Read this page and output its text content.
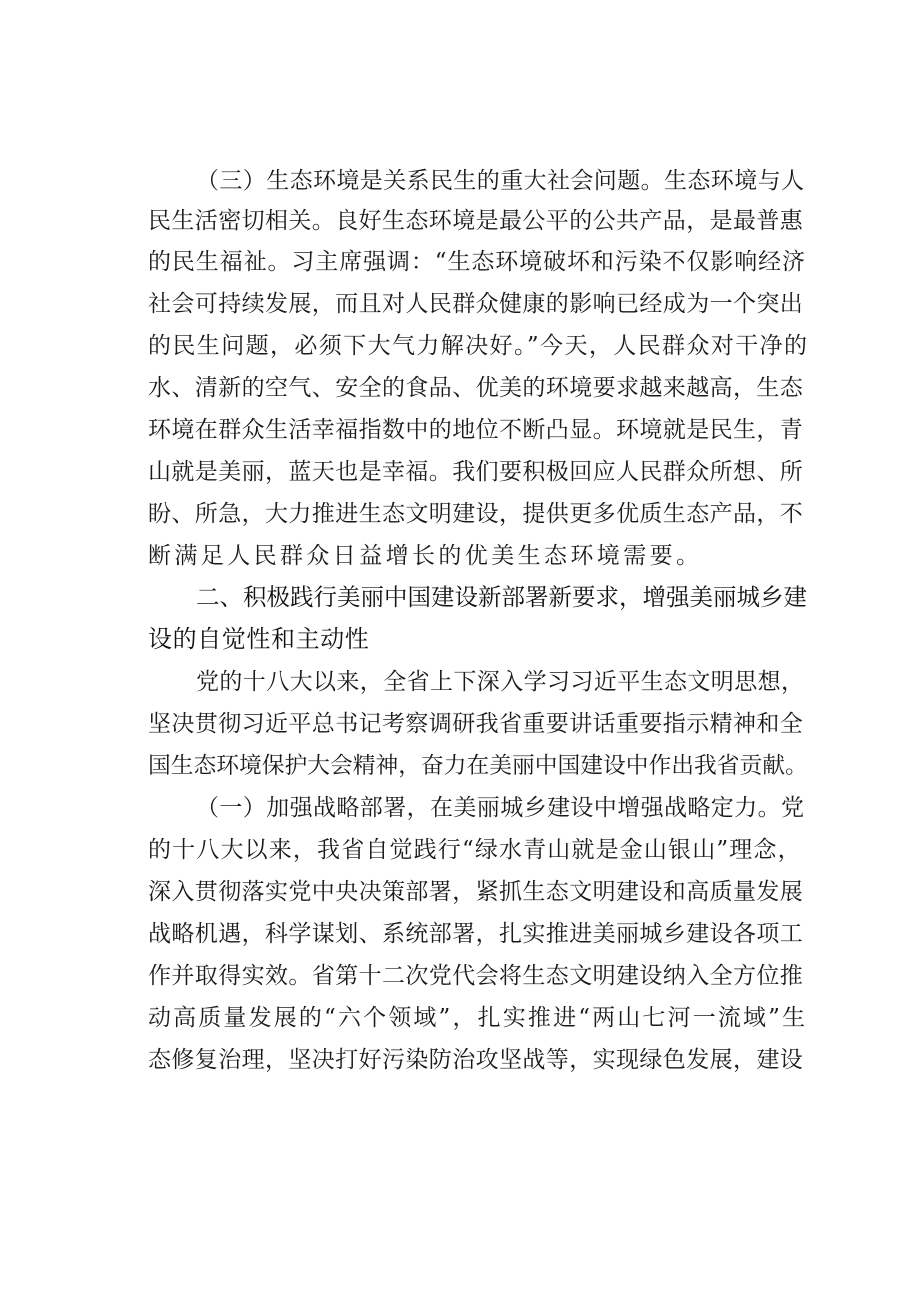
（三）生态环境是关系民生的重大社会问题。生态环境与人

民生活密切相关。良好生态环境是最公平的公共产品，是最普惠

的民生福祉。习主席强调：“生态环境破坏和污染不仅影响经济

社会可持续发展，而且对人民群众健康的影响已经成为一个突出

的民生问题，必须下大气力解决好。”今天，人民群众对干净的

水、清新的空气、安全的食品、优美的环境要求越来越高，生态

环境在群众生活幸福指数中的地位不断凸显。环境就是民生，青

山就是美丽，蓝天也是幸福。我们要积极回应人民群众所想、所

盼、所急，大力推进生态文明建设，提供更多优质生态产品，不

断满足人民群众日益增长的优美生态环境需要。

二、积极践行美丽中国建设新部署新要求，增强美丽城乡建

设的自觉性和主动性

党的十八大以来，全省上下深入学习习近平生态文明思想，

坚决贯彻习近平总书记考察调研我省重要讲话重要指示精神和全

国生态环境保护大会精神，奋力在美丽中国建设中作出我省贡献。

（一）加强战略部署，在美丽城乡建设中增强战略定力。党

的十八大以来，我省自觉践行“绿水青山就是金山银山”理念，

深入贯彻落实党中央决策部署，紧抓生态文明建设和高质量发展

战略机遇，科学谋划、系统部署，扎实推进美丽城乡建设各项工

作并取得实效。省第十二次党代会将生态文明建设纳入全方位推

动高质量发展的“六个领域”，扎实推进“两山七河一流域”生

态修复治理，坚决打好污染防治攻坚战等，实现绿色发展，建设
